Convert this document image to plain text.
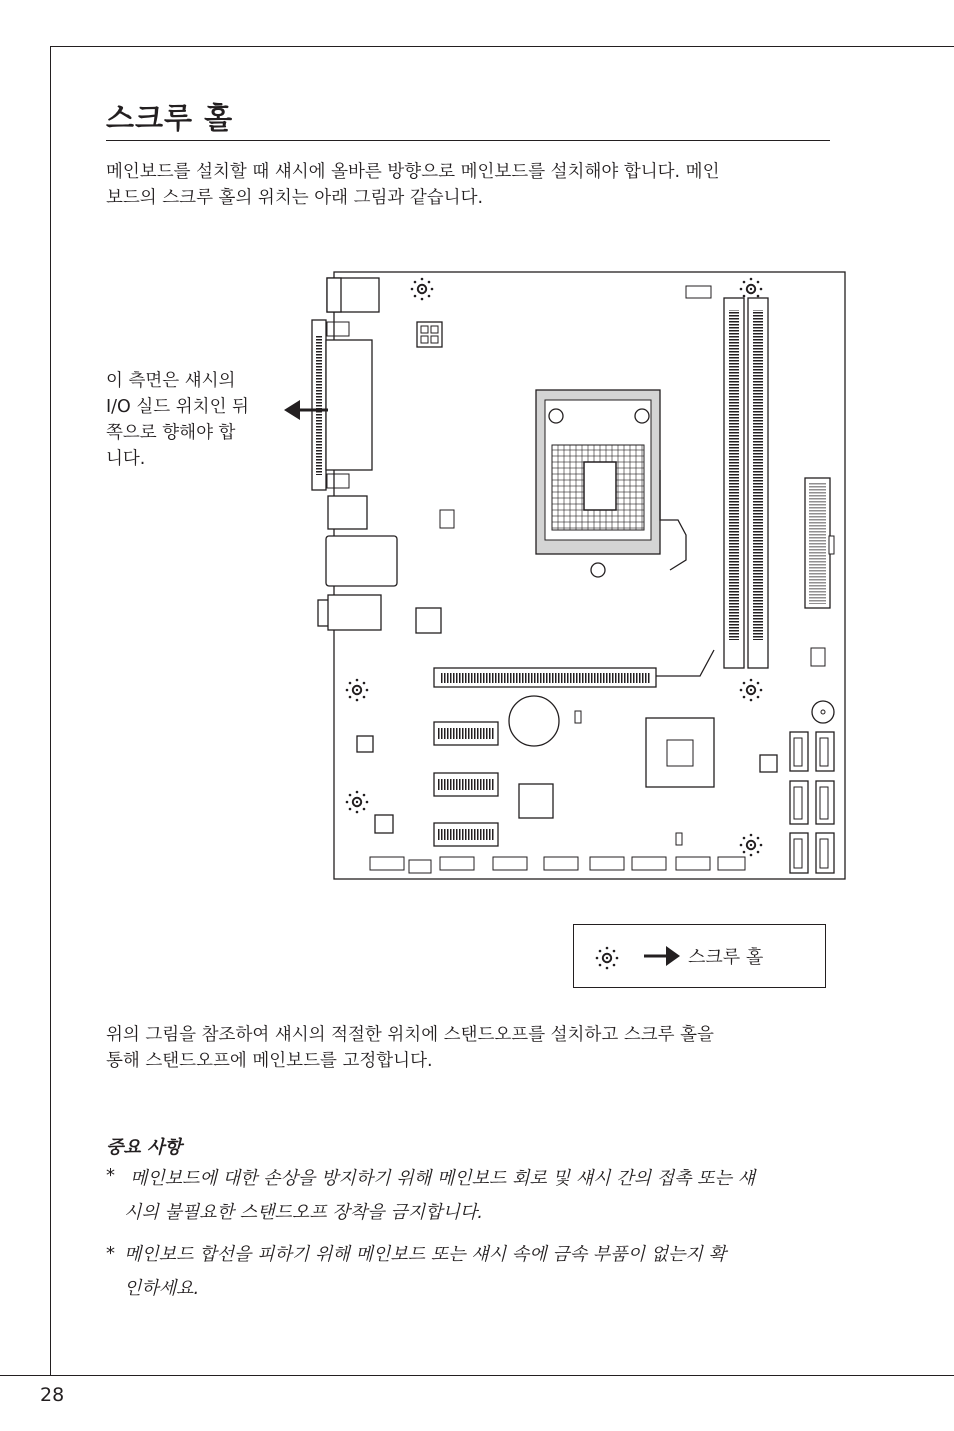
28
스크루 홀
메인보드를 설치할 때 섀시에 올바른 방향으로 메인보드를 설치해야 합니다. 메인
보드의 스크루 홀의 위치는 아래 그림과 같습니다.
이 측면은 섀시의
I/O 실드 위치인 뒤
쪽으로 향해야 합
니다.
스크루 홀
위의 그림을 참조하여 섀시의 적절한 위치에 스탠드오프를 설치하고 스크루 홀을
통해 스탠드오프에 메인보드를 고정합니다.
중요 사항
* 메인보드에 대한 손상을 방지하기 위해 메인보드 회로 및 섀시 간의 접촉 또는 섀
시의 불필요한 스탠드오프 장착을 금지합니다.
* 메인보드 합선을 피하기 위해 메인보드 또는 섀시 속에 금속 부품이 없는지 확
인하세요.
